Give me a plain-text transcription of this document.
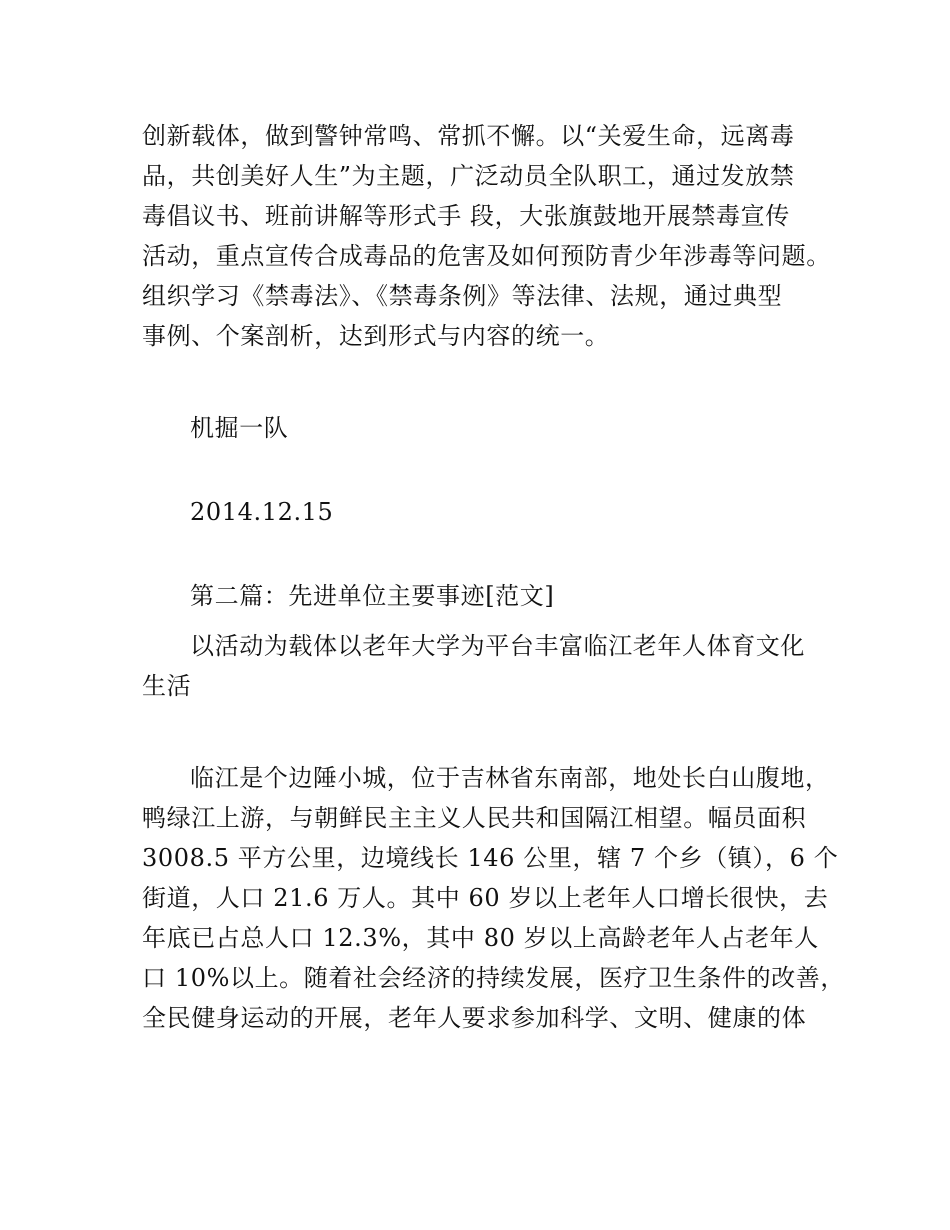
创新载体，做到警钟常鸣、常抓不懈。以“关爱生命，远离毒
品，共创美好人生”为主题，广泛动员全队职工，通过发放禁
毒倡议书、班前讲解等形式手 段，大张旗鼓地开展禁毒宣传
活动，重点宣传合成毒品的危害及如何预防青少年涉毒等问题。
组织学习《禁毒法》、《禁毒条例》等法律、法规，通过典型
事例、个案剖析，达到形式与内容的统一。
机掘一队
2014.12.15
第二篇：先进单位主要事迹[范文]
以活动为载体以老年大学为平台丰富临江老年人体育文化
生活
临江是个边陲小城，位于吉林省东南部，地处长白山腹地，
鸭绿江上游，与朝鲜民主主义人民共和国隔江相望。幅员面积
3008.5 平方公里，边境线长 146 公里，辖 7 个乡（镇），6 个
街道，人口 21.6 万人。其中 60 岁以上老年人口增长很快，去
年底已占总人口 12.3%，其中 80 岁以上高龄老年人占老年人
口 10%以上。随着社会经济的持续发展，医疗卫生条件的改善，
全民健身运动的开展，老年人要求参加科学、文明、健康的体
